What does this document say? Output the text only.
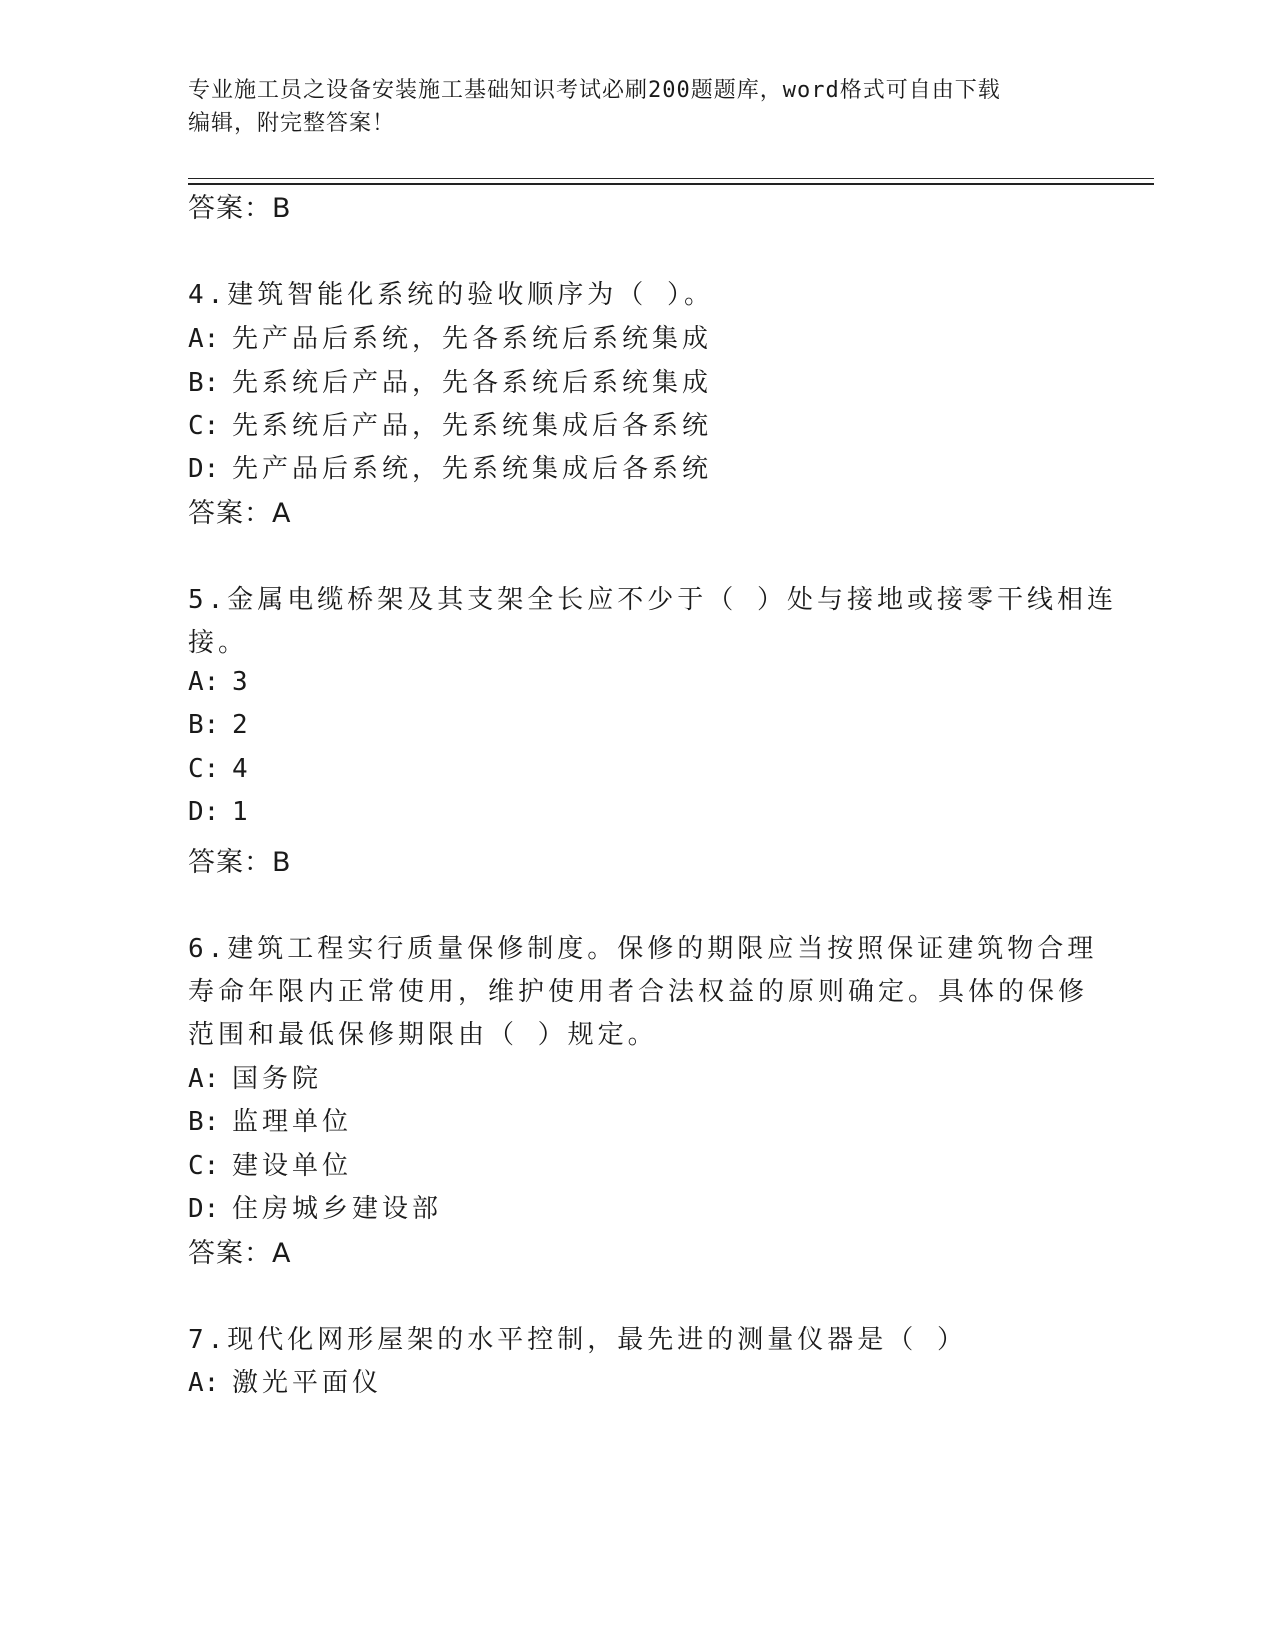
专业施工员之设备安装施工基础知识考试必刷200题题库，word格式可自由下载
编辑，附完整答案！
答案：B
4.建筑智能化系统的验收顺序为（ ）。
A: 先产品后系统，先各系统后系统集成
B: 先系统后产品，先各系统后系统集成
C: 先系统后产品，先系统集成后各系统
D: 先产品后系统，先系统集成后各系统
答案：A
5.金属电缆桥架及其支架全长应不少于（ ）处与接地或接零干线相连
接。
A: 3
B: 2
C: 4
D: 1
答案：B
6.建筑工程实行质量保修制度。保修的期限应当按照保证建筑物合理
寿命年限内正常使用，维护使用者合法权益的原则确定。具体的保修
范围和最低保修期限由（ ）规定。
A: 国务院
B: 监理单位
C: 建设单位
D: 住房城乡建设部
答案：A
7.现代化网形屋架的水平控制，最先进的测量仪器是（ ）
A: 激光平面仪
